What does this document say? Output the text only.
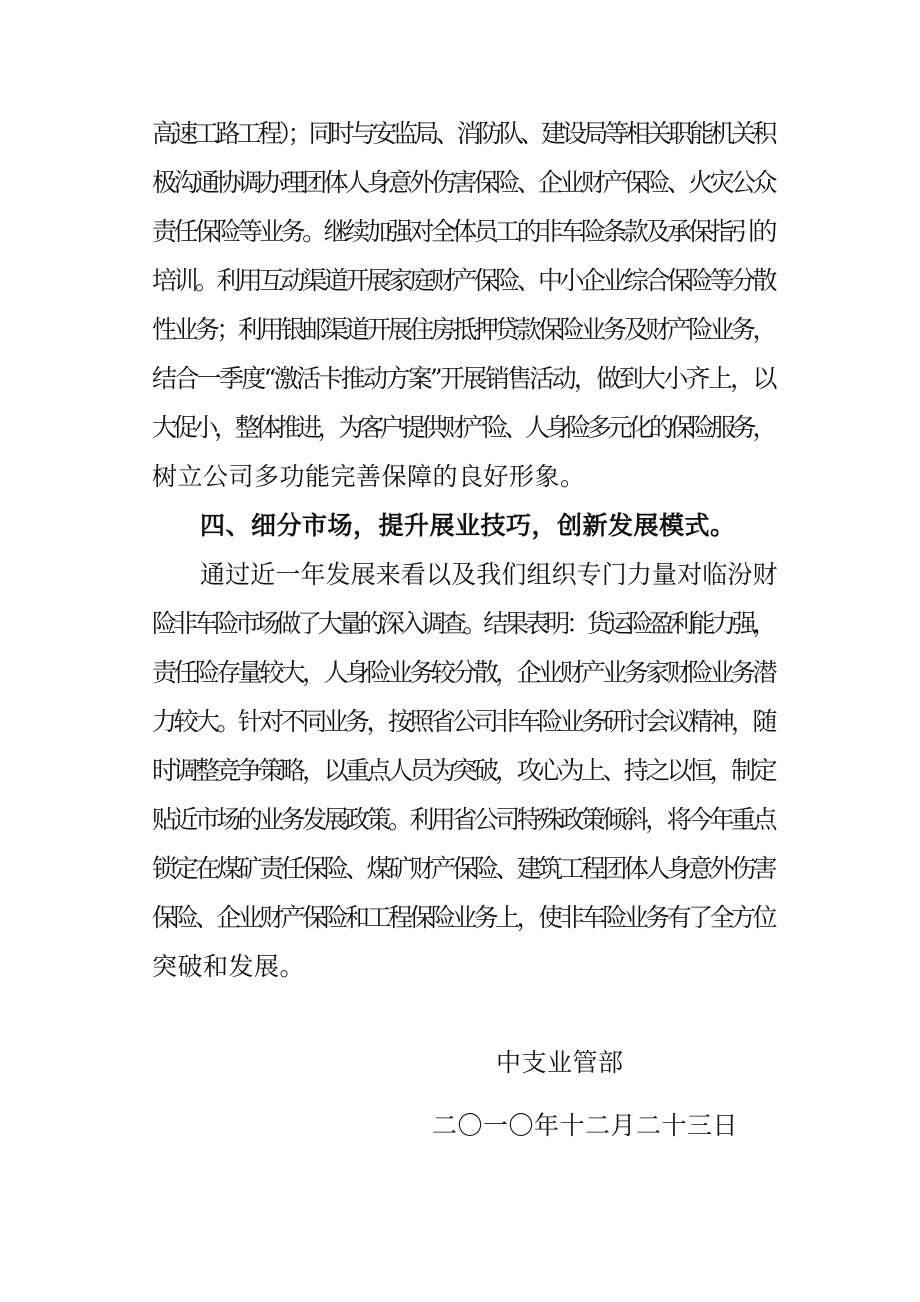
高速工路工程）；同时与安监局、消防队、建设局等相关职能机关积
极沟通协调办理团体人身意外伤害保险、企业财产保险、火灾公众
责任保险等业务。继续加强对全体员工的非车险条款及承保指引的
培训。利用互动渠道开展家庭财产保险、中小企业综合保险等分散
性业务；利用银邮渠道开展住房抵押贷款保险业务及财产险业务，
结合一季度“激活卡推动方案”开展销售活动，做到大小齐上，以
大促小，整体推进，为客户提供财产险、人身险多元化的保险服务，
树立公司多功能完善保障的良好形象。
四、细分市场，提升展业技巧，创新发展模式。
通过近一年发展来看以及我们组织专门力量对临汾财
险非车险市场做了大量的深入调查。结果表明：货运险盈利能力强，
责任险存量较大，人身险业务较分散，企业财产业务家财险业务潜
力较大。针对不同业务，按照省公司非车险业务研讨会议精神，随
时调整竞争策略，以重点人员为突破，攻心为上、持之以恒，制定
贴近市场的业务发展政策。利用省公司特殊政策倾斜，将今年重点
锁定在煤矿责任保险、煤矿财产保险、建筑工程团体人身意外伤害
保险、企业财产保险和工程保险业务上，使非车险业务有了全方位
突破和发展。
中支业管部
二〇一〇年十二月二十三日
